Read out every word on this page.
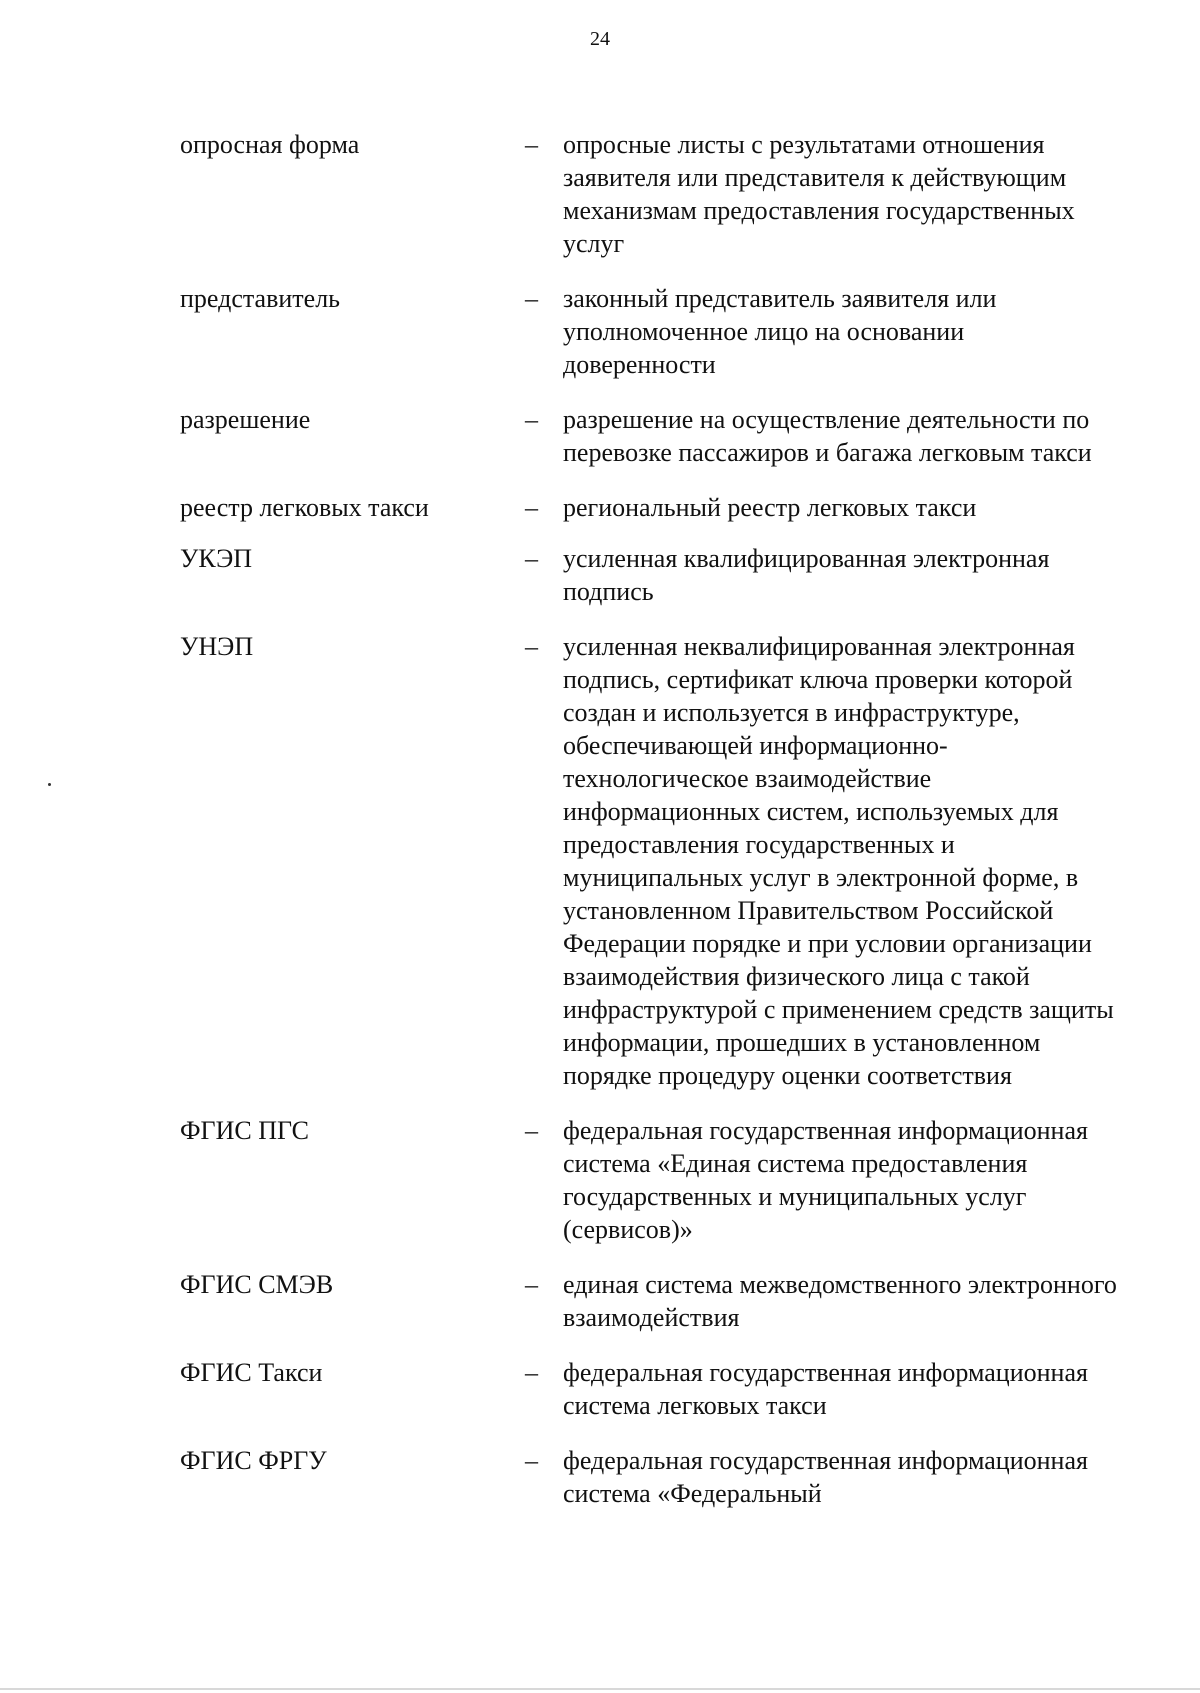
24
опросная форма	– опросные листы с результатами отношения заявителя или представителя к действующим механизмам предоставления государственных услуг
представитель	– законный представитель заявителя или уполномоченное лицо на основании доверенности
разрешение	– разрешение на осуществление деятельности по перевозке пассажиров и багажа легковым такси
реестр легковых такси	– региональный реестр легковых такси
УКЭП	– усиленная квалифицированная электронная подпись
УНЭП	– усиленная неквалифицированная электронная подпись, сертификат ключа проверки которой создан и используется в инфраструктуре, обеспечивающей информационно-технологическое взаимодействие информационных систем, используемых для предоставления государственных и муниципальных услуг в электронной форме, в установленном Правительством Российской Федерации порядке и при условии организации взаимодействия физического лица с такой инфраструктурой с применением средств защиты информации, прошедших в установленном порядке процедуру оценки соответствия
ФГИС ПГС	– федеральная государственная информационная система «Единая система предоставления государственных и муниципальных услуг (сервисов)»
ФГИС СМЭВ	– единая система межведомственного электронного взаимодействия
ФГИС Такси	– федеральная государственная информационная система легковых такси
ФГИС ФРГУ	– федеральная государственная информационная система «Федеральный
